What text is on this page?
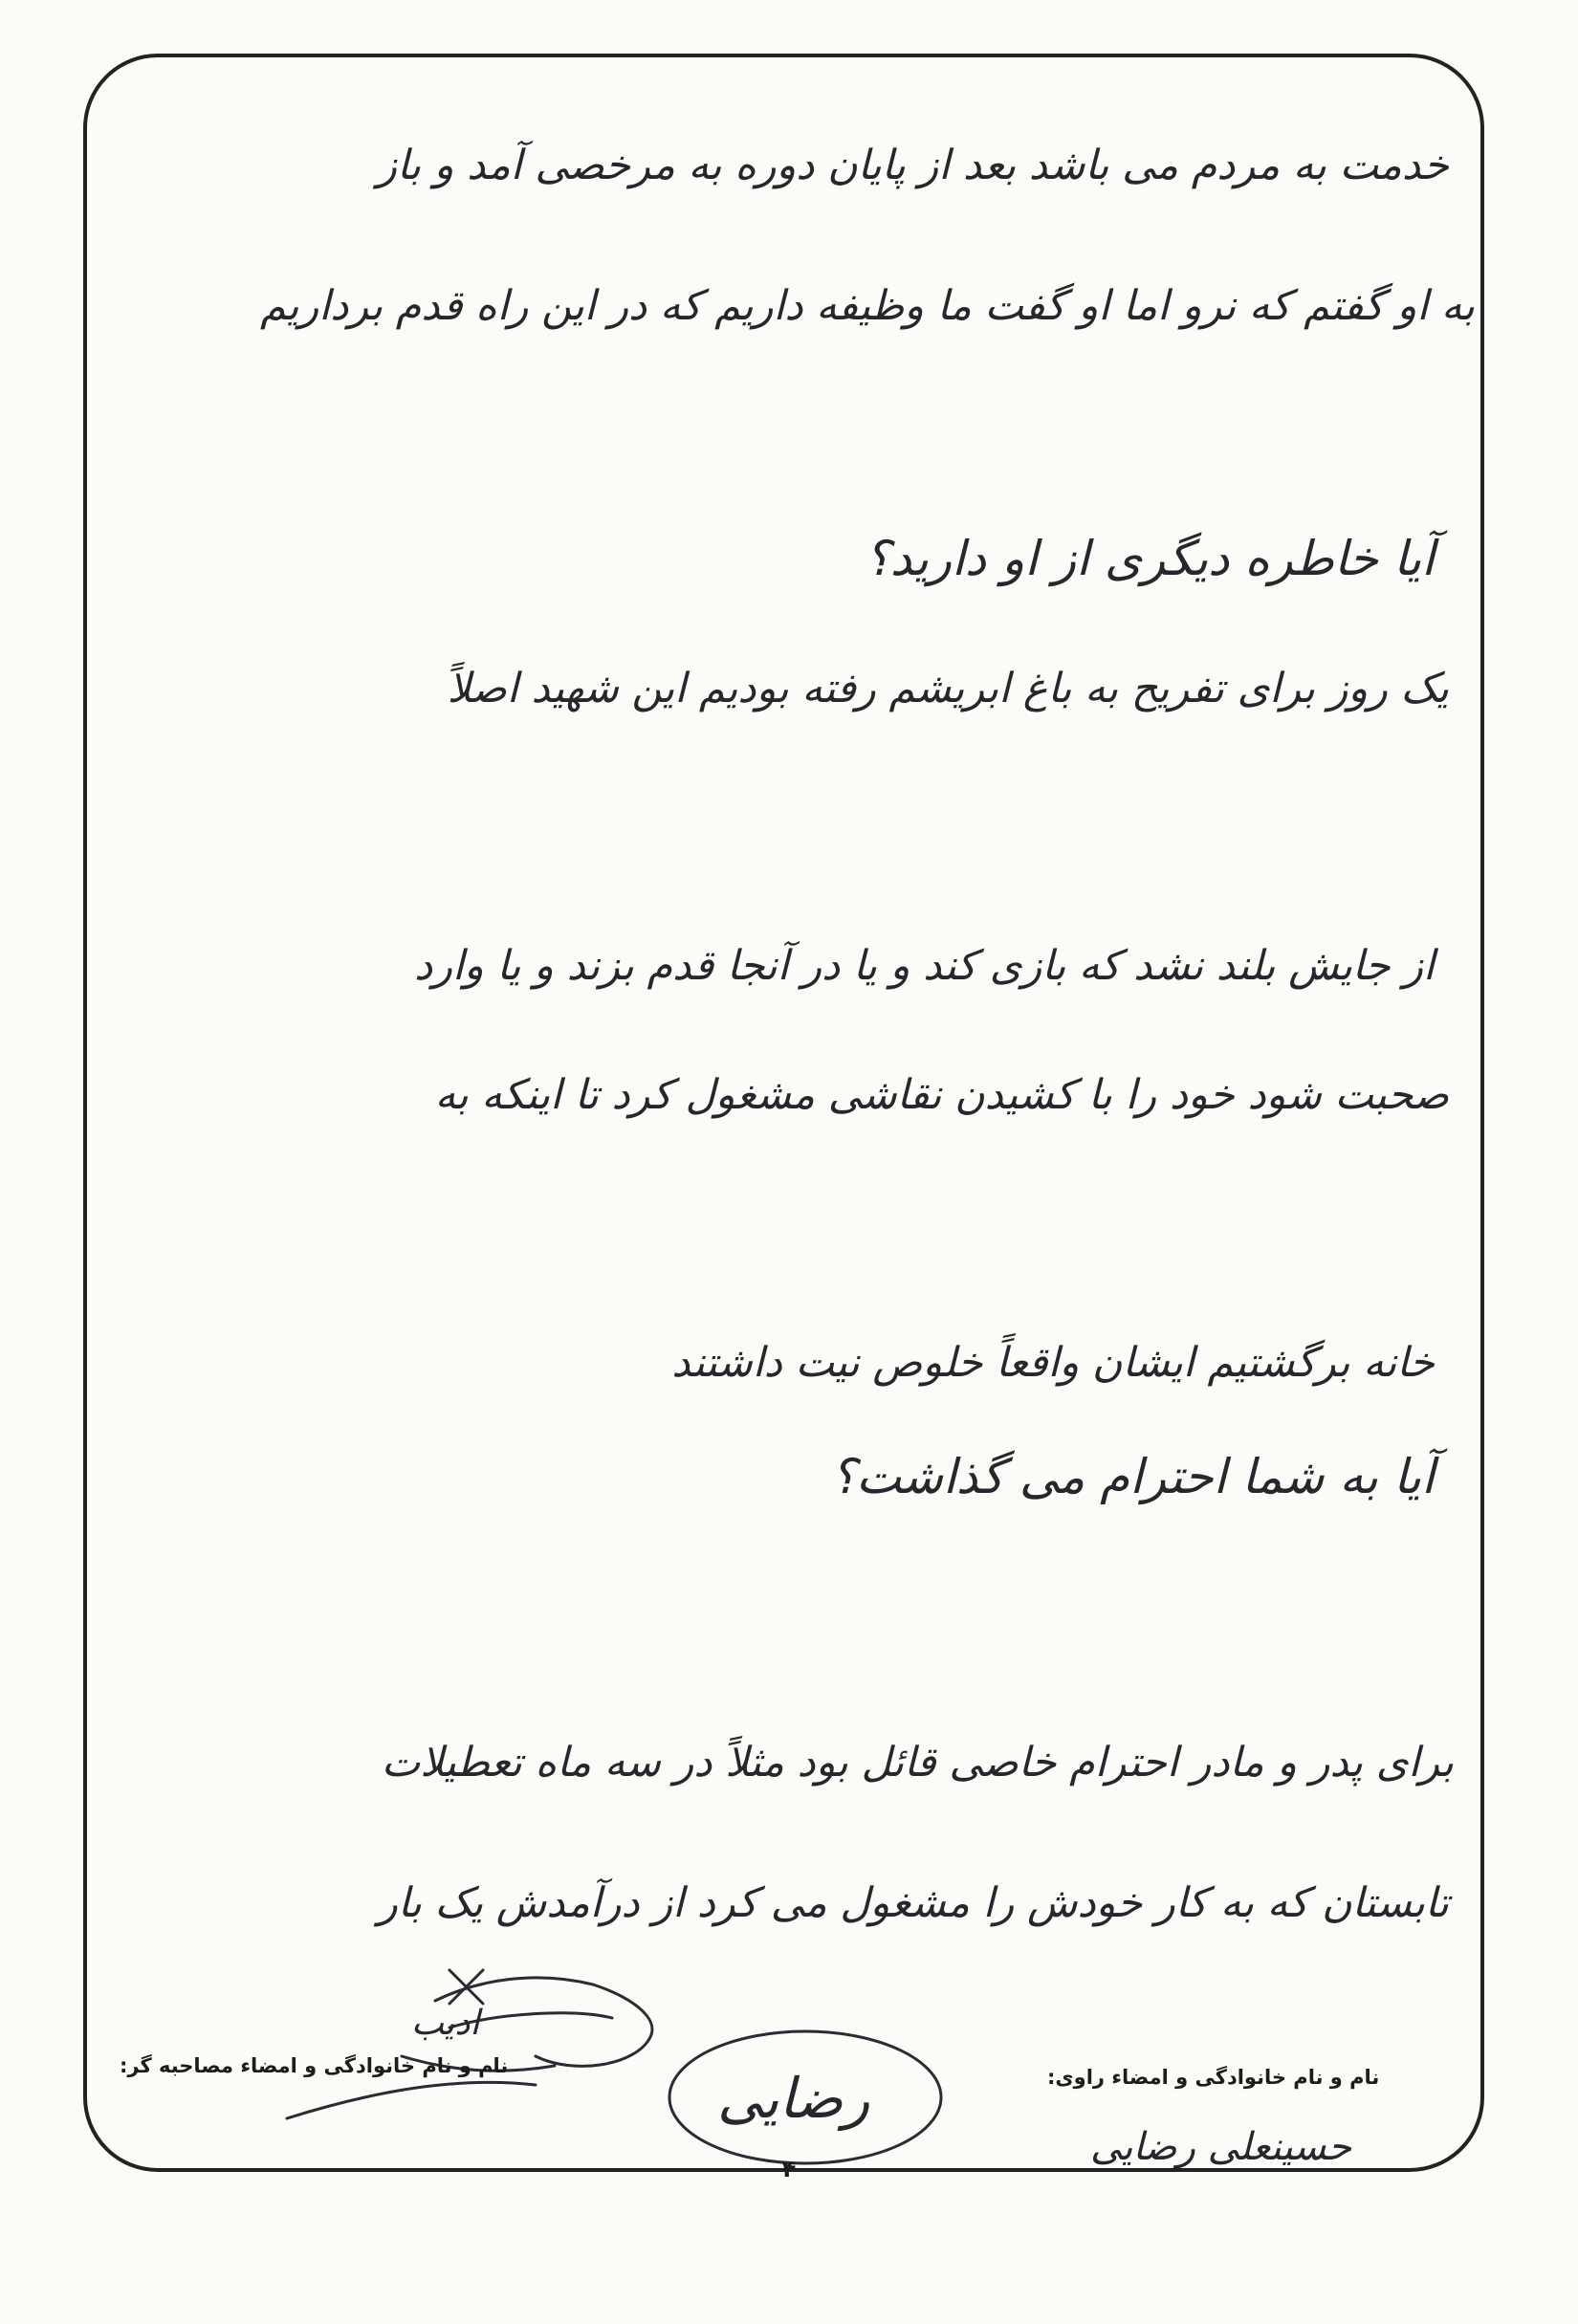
خدمت به مردم می باشد بعد از پایان دوره به مرخصی آمد و باز
به او گفتم که نرو اما او گفت ما وظیفه داریم که در این راه قدم برداریم
آیا خاطره دیگری از او دارید؟
یک روز برای تفریح به باغ ابریشم رفته بودیم این شهید اصلاً
از جایش بلند نشد که بازی کند و یا در آنجا قدم بزند و یا وارد
صحبت شود خود را با کشیدن نقاشی مشغول کرد تا اینکه به
خانه برگشتیم ایشان واقعاً خلوص نیت داشتند
آیا به شما احترام می گذاشت؟
برای پدر و مادر احترام خاصی قائل بود مثلاً در سه ماه تعطیلات
تابستان که به کار خودش را مشغول می کرد از درآمدش یک بار
ادیب
رضایی
حسینعلی رضایی
نام و نام خانوادگی و امضاء راوی:
نام و نام خانوادگی و امضاء مصاحبه گر:
۴
